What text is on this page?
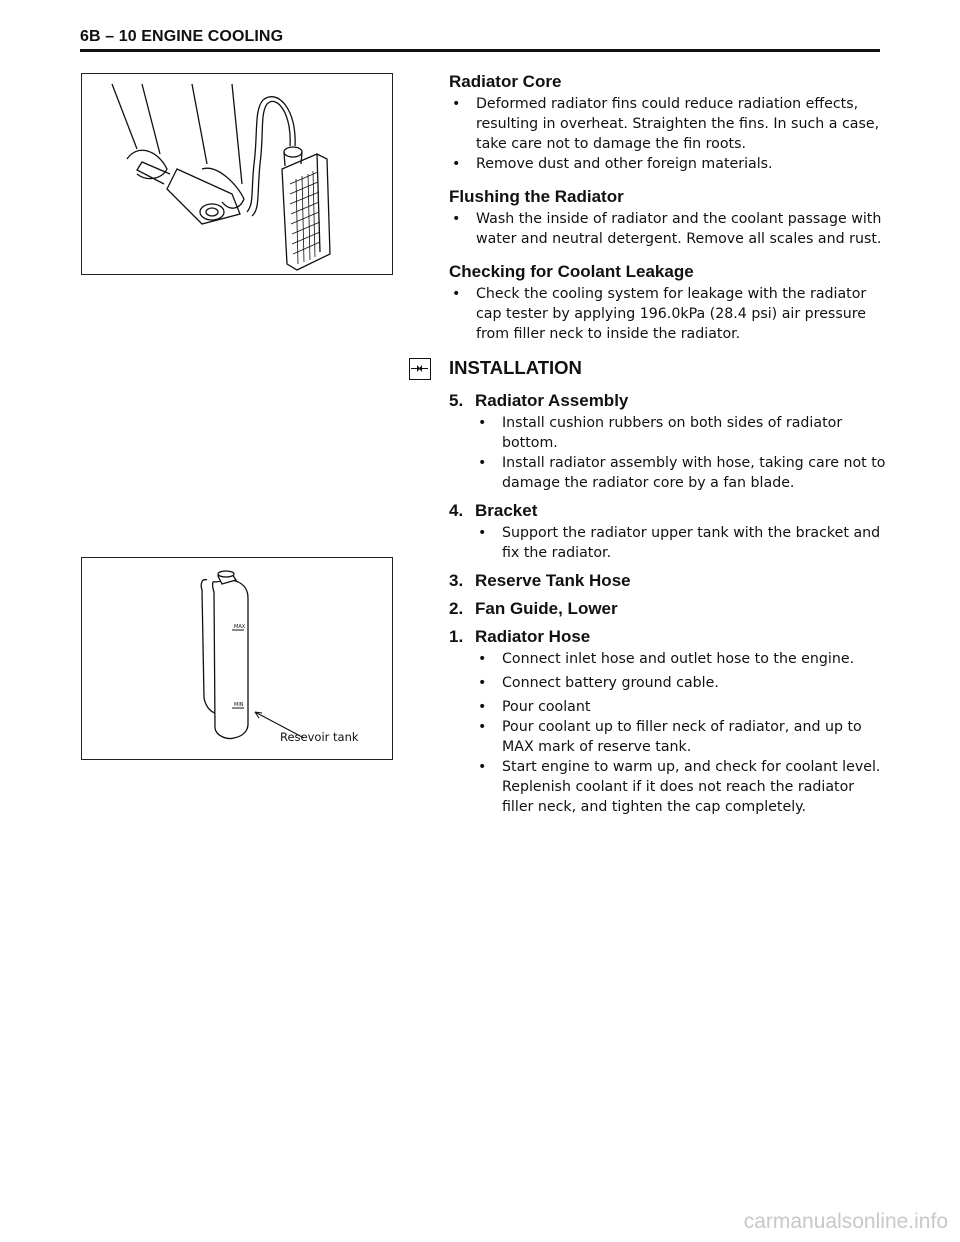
6B – 10 ENGINE COOLING
MAX
MIN
Resevoir tank
Radiator Core
• Deformed radiator fins could reduce radiation effects, resulting in overheat. Straighten the fins. In such a case, take care not to damage the fin roots.
• Remove dust and other foreign materials.
Flushing the Radiator
• Wash the inside of radiator and the coolant passage with water and neutral detergent. Remove all scales and rust.
Checking for Coolant Leakage
• Check the cooling system for leakage with the radiator cap tester by applying 196.0kPa (28.4 psi) air pressure from filler neck to inside the radiator.
INSTALLATION
5. Radiator Assembly
• Install cushion rubbers on both sides of radiator bottom.
• Install radiator assembly with hose, taking care not to damage the radiator core by a fan blade.
4. Bracket
• Support the radiator upper tank with the bracket and fix the radiator.
3. Reserve Tank Hose
2. Fan Guide, Lower
1. Radiator Hose
• Connect inlet hose and outlet hose to the engine.
• Connect battery ground cable.
• Pour coolant
• Pour coolant up to filler neck of radiator, and up to MAX mark of reserve tank.
• Start engine to warm up, and check for coolant level. Replenish coolant if it does not reach the radiator filler neck, and tighten the cap completely.
carmanualsonline.info
